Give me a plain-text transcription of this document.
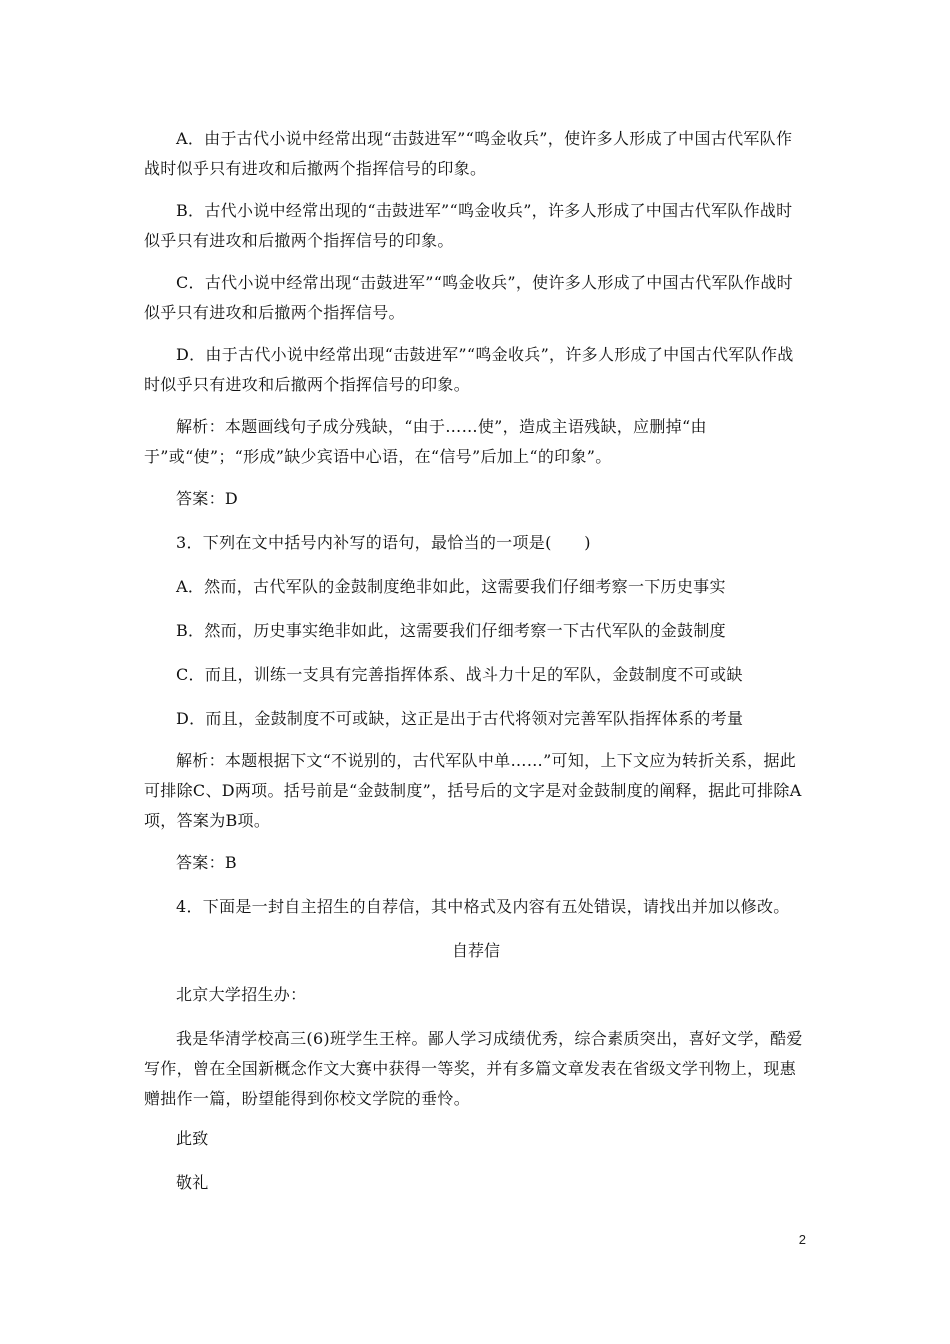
A．由于古代小说中经常出现“击鼓进军”“鸣金收兵”，使许多人形成了中国古代军队作战时似乎只有进攻和后撤两个指挥信号的印象。

B．古代小说中经常出现的“击鼓进军”“鸣金收兵”，许多人形成了中国古代军队作战时似乎只有进攻和后撤两个指挥信号的印象。

C．古代小说中经常出现“击鼓进军”“鸣金收兵”，使许多人形成了中国古代军队作战时似乎只有进攻和后撤两个指挥信号。

D．由于古代小说中经常出现“击鼓进军”“鸣金收兵”，许多人形成了中国古代军队作战时似乎只有进攻和后撤两个指挥信号的印象。

解析：本题画线句子成分残缺，“由于……使”，造成主语残缺，应删掉“由于”或“使”；“形成”缺少宾语中心语，在“信号”后加上“的印象”。

答案：D

3．下列在文中括号内补写的语句，最恰当的一项是(　　)

A．然而，古代军队的金鼓制度绝非如此，这需要我们仔细考察一下历史事实

B．然而，历史事实绝非如此，这需要我们仔细考察一下古代军队的金鼓制度

C．而且，训练一支具有完善指挥体系、战斗力十足的军队，金鼓制度不可或缺

D．而且，金鼓制度不可或缺，这正是出于古代将领对完善军队指挥体系的考量

解析：本题根据下文“不说别的，古代军队中单……”可知，上下文应为转折关系，据此可排除C、D两项。括号前是“金鼓制度”，括号后的文字是对金鼓制度的阐释，据此可排除A项，答案为B项。

答案：B

4．下面是一封自主招生的自荐信，其中格式及内容有五处错误，请找出并加以修改。

自荐信

北京大学招生办：

我是华清学校高三(6)班学生王梓。鄙人学习成绩优秀，综合素质突出，喜好文学，酷爱写作，曾在全国新概念作文大赛中获得一等奖，并有多篇文章发表在省级文学刊物上，现惠赠拙作一篇，盼望能得到你校文学院的垂怜。

此致

敬礼

2
